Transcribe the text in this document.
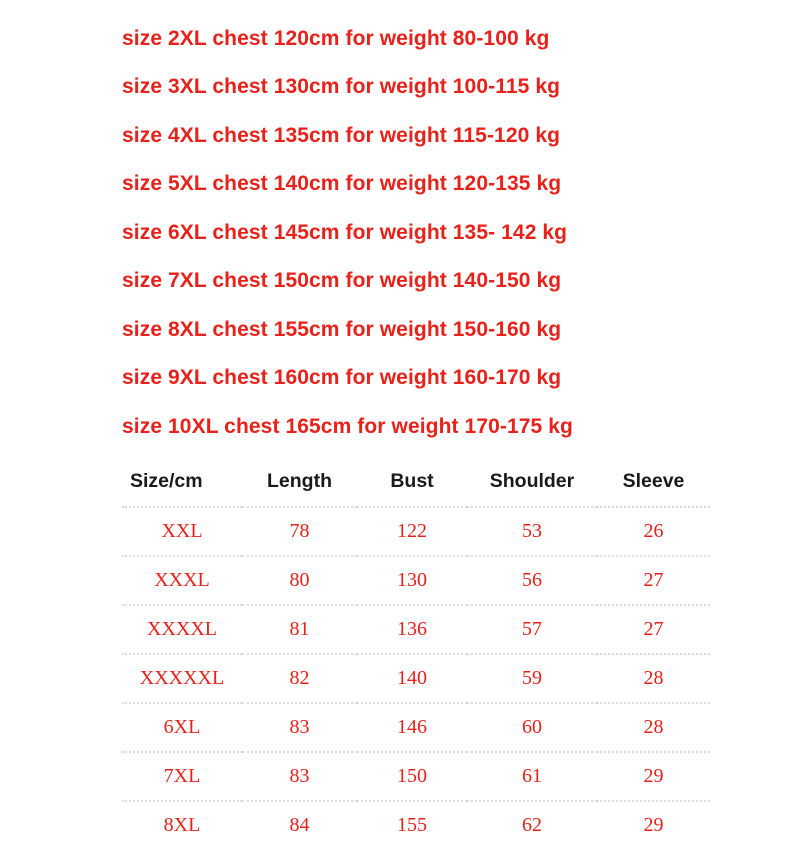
size 2XL chest 120cm for weight 80-100 kg
size 3XL chest 130cm for weight 100-115 kg
size 4XL chest 135cm for weight 115-120 kg
size 5XL chest 140cm for weight 120-135 kg
size 6XL chest 145cm for weight 135- 142 kg
size 7XL chest 150cm for weight 140-150 kg
size 8XL chest 155cm for weight 150-160 kg
size 9XL chest 160cm for weight 160-170 kg
size 10XL chest 165cm for weight 170-175 kg
Size/cm	Length	Bust	Shoulder	Sleeve
XXL	78	122	53	26
XXXL	80	130	56	27
XXXXL	81	136	57	27
XXXXXL	82	140	59	28
6XL	83	146	60	28
7XL	83	150	61	29
8XL	84	155	62	29
